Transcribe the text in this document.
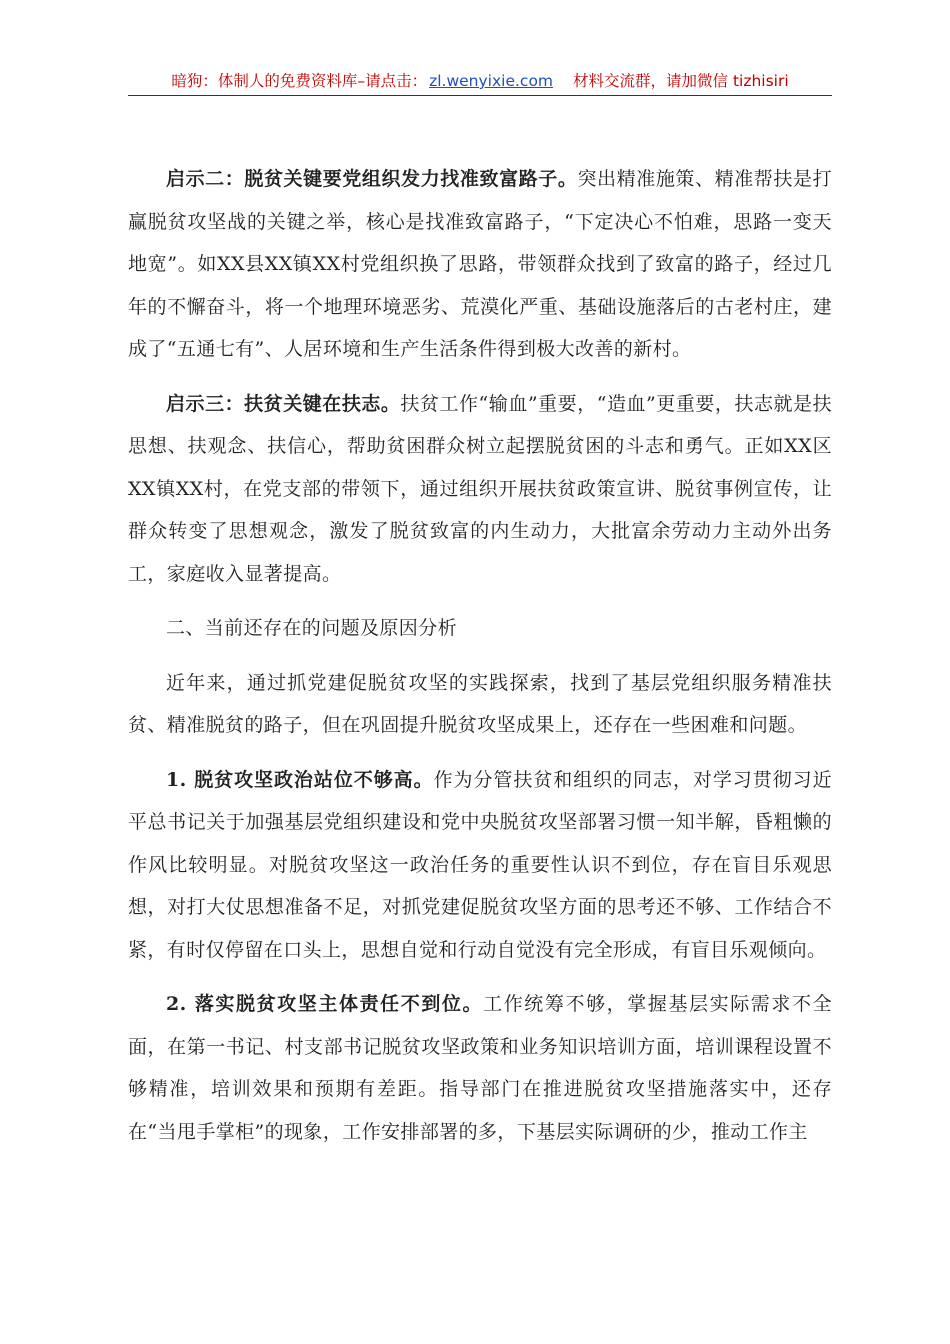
暗狗：体制人的免费资料库–请点击： zl.wenyixie.com 材料交流群，请加微信 tizhisiri

启示二：脱贫关键要党组织发力找准致富路子。突出精准施策、精准帮扶是打赢脱贫攻坚战的关键之举，核心是找准致富路子，“下定决心不怕难，思路一变天地宽”。如XX县XX镇XX村党组织换了思路，带领群众找到了致富的路子，经过几年的不懈奋斗，将一个地理环境恶劣、荒漠化严重、基础设施落后的古老村庄，建成了“五通七有”、人居环境和生产生活条件得到极大改善的新村。

启示三：扶贫关键在扶志。扶贫工作“输血”重要，“造血”更重要，扶志就是扶思想、扶观念、扶信心，帮助贫困群众树立起摆脱贫困的斗志和勇气。正如XX区XX镇XX村，在党支部的带领下，通过组织开展扶贫政策宣讲、脱贫事例宣传，让群众转变了思想观念，激发了脱贫致富的内生动力，大批富余劳动力主动外出务工，家庭收入显著提高。

二、当前还存在的问题及原因分析

近年来，通过抓党建促脱贫攻坚的实践探索，找到了基层党组织服务精准扶贫、精准脱贫的路子，但在巩固提升脱贫攻坚成果上，还存在一些困难和问题。

1. 脱贫攻坚政治站位不够高。作为分管扶贫和组织的同志，对学习贯彻习近平总书记关于加强基层党组织建设和党中央脱贫攻坚部署习惯一知半解，昏粗懒的作风比较明显。对脱贫攻坚这一政治任务的重要性认识不到位，存在盲目乐观思想，对打大仗思想准备不足，对抓党建促脱贫攻坚方面的思考还不够、工作结合不紧，有时仅停留在口头上，思想自觉和行动自觉没有完全形成，有盲目乐观倾向。

2. 落实脱贫攻坚主体责任不到位。工作统筹不够，掌握基层实际需求不全面，在第一书记、村支部书记脱贫攻坚政策和业务知识培训方面，培训课程设置不够精准，培训效果和预期有差距。指导部门在推进脱贫攻坚措施落实中，还存在“当甩手掌柜”的现象，工作安排部署的多，下基层实际调研的少，推动工作主
